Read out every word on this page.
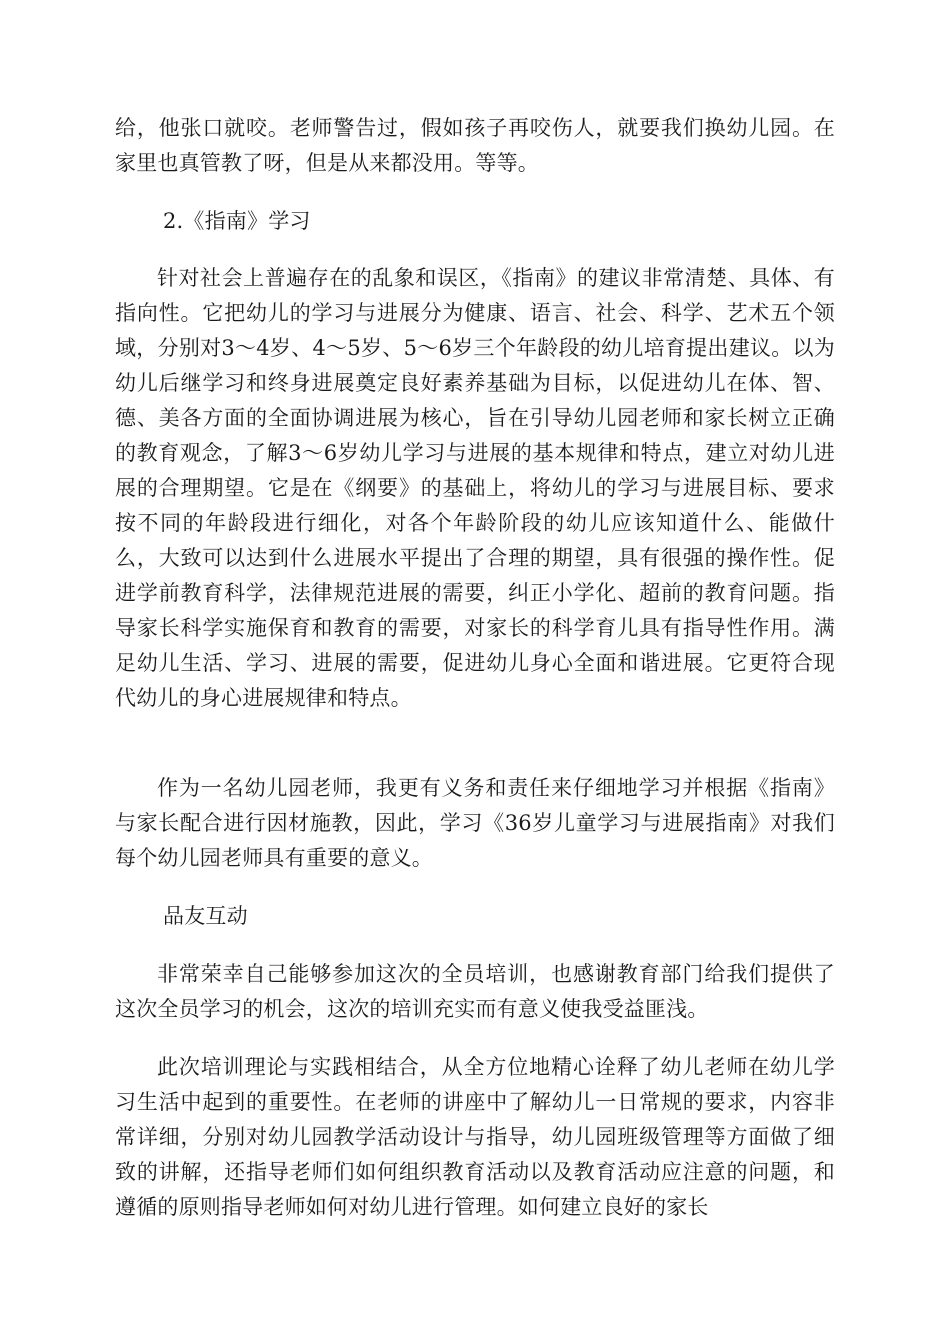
给，他张口就咬。老师警告过，假如孩子再咬伤人，就要我们换幼儿园。在家里也真管教了呀，但是从来都没用。等等。

2.《指南》学习

针对社会上普遍存在的乱象和误区，《指南》的建议非常清楚、具体、有指向性。它把幼儿的学习与进展分为健康、语言、社会、科学、艺术五个领域，分别对3～4岁、4～5岁、5～6岁三个年龄段的幼儿培育提出建议。以为幼儿后继学习和终身进展奠定良好素养基础为目标，以促进幼儿在体、智、德、美各方面的全面协调进展为核心，旨在引导幼儿园老师和家长树立正确的教育观念，了解3～6岁幼儿学习与进展的基本规律和特点，建立对幼儿进展的合理期望。它是在《纲要》的基础上，将幼儿的学习与进展目标、要求按不同的年龄段进行细化，对各个年龄阶段的幼儿应该知道什么、能做什么，大致可以达到什么进展水平提出了合理的期望，具有很强的操作性。促进学前教育科学，法律规范进展的需要，纠正小学化、超前的教育问题。指导家长科学实施保育和教育的需要，对家长的科学育儿具有指导性作用。满足幼儿生活、学习、进展的需要，促进幼儿身心全面和谐进展。它更符合现代幼儿的身心进展规律和特点。

作为一名幼儿园老师，我更有义务和责任来仔细地学习并根据《指南》与家长配合进行因材施教，因此，学习《36岁儿童学习与进展指南》对我们每个幼儿园老师具有重要的意义。

品友互动

非常荣幸自己能够参加这次的全员培训，也感谢教育部门给我们提供了这次全员学习的机会，这次的培训充实而有意义使我受益匪浅。

此次培训理论与实践相结合，从全方位地精心诠释了幼儿老师在幼儿学习生活中起到的重要性。在老师的讲座中了解幼儿一日常规的要求，内容非常详细，分别对幼儿园教学活动设计与指导，幼儿园班级管理等方面做了细致的讲解，还指导老师们如何组织教育活动以及教育活动应注意的问题，和遵循的原则指导老师如何对幼儿进行管理。如何建立良好的家长
